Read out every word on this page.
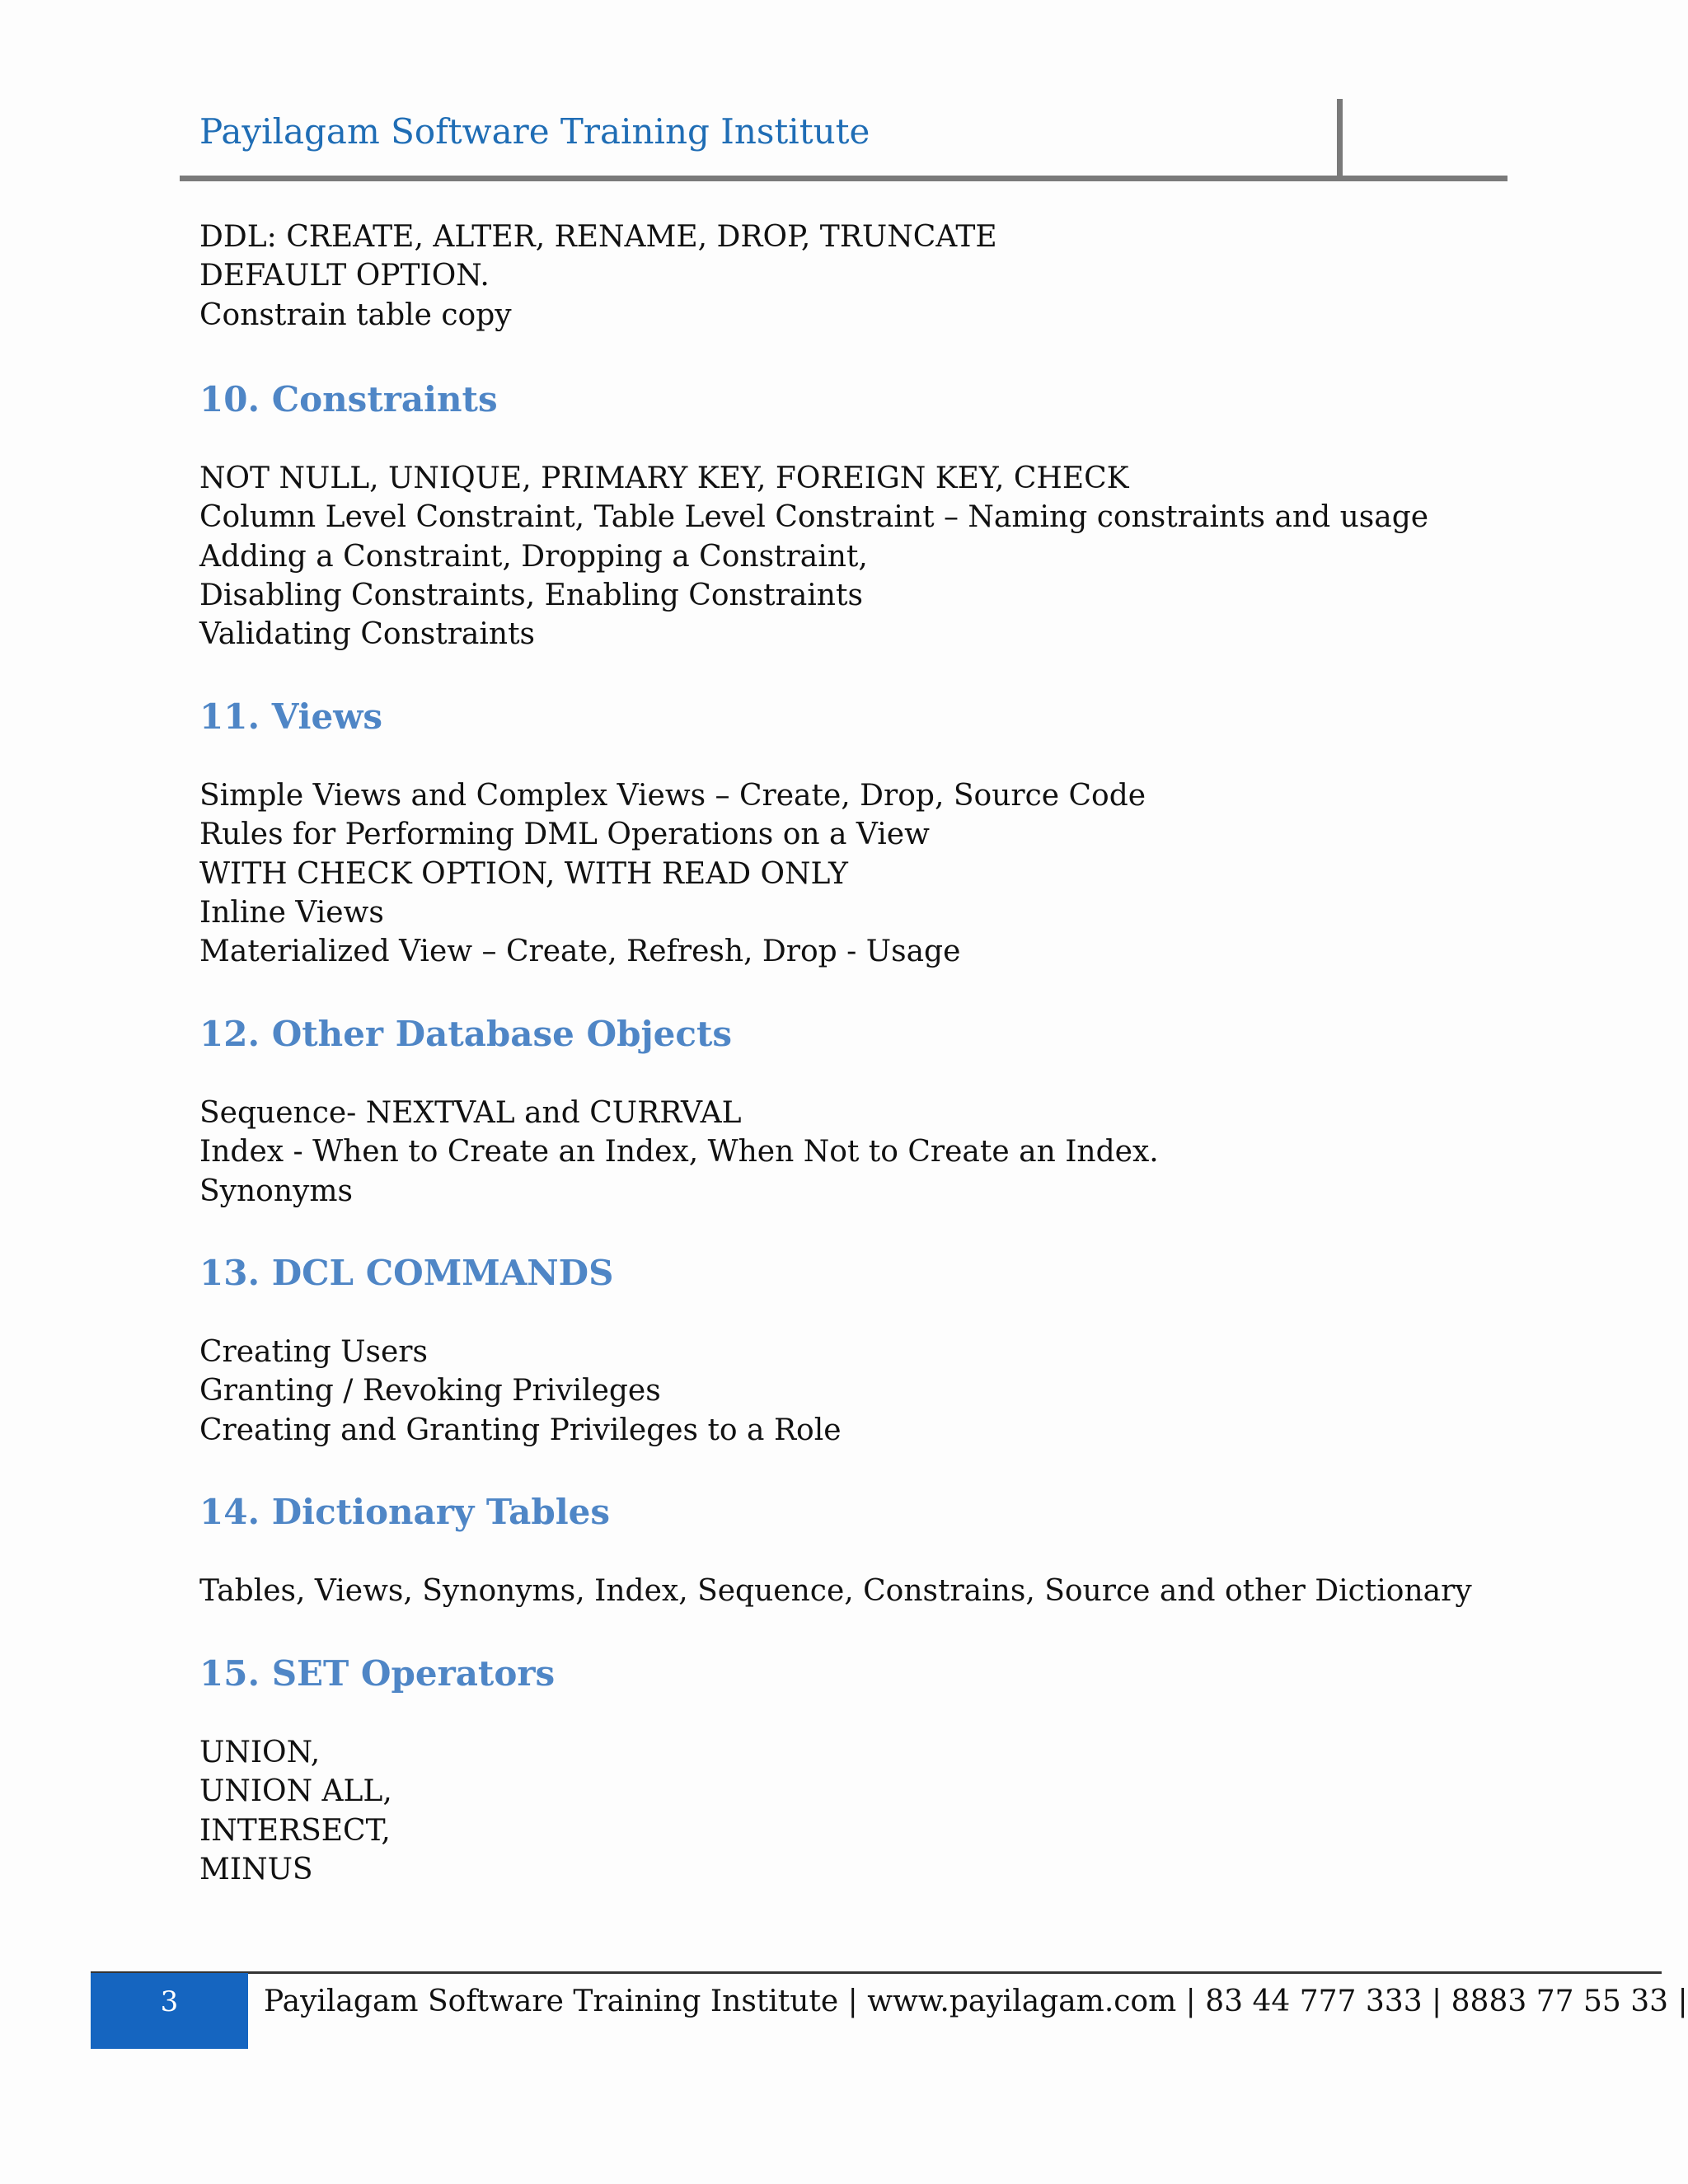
Payilagam Software Training Institute
DDL: CREATE, ALTER, RENAME, DROP, TRUNCATE
DEFAULT OPTION.
Constrain table copy
10. Constraints
NOT NULL, UNIQUE, PRIMARY KEY, FOREIGN KEY, CHECK
Column Level Constraint, Table Level Constraint – Naming constraints and usage
Adding a Constraint, Dropping a Constraint,
Disabling Constraints, Enabling Constraints
Validating Constraints
11. Views
Simple Views and Complex Views – Create, Drop, Source Code
Rules for Performing DML Operations on a View
WITH CHECK OPTION, WITH READ ONLY
Inline Views
Materialized View – Create, Refresh, Drop - Usage
12. Other Database Objects
Sequence- NEXTVAL and CURRVAL
Index - When to Create an Index, When Not to Create an Index.
Synonyms
13. DCL COMMANDS
Creating Users
Granting / Revoking Privileges
Creating and Granting Privileges to a Role
14. Dictionary Tables
Tables, Views, Synonyms, Index, Sequence, Constrains, Source and other Dictionary
15. SET Operators
UNION,
UNION ALL,
INTERSECT,
MINUS
3	Payilagam Software Training Institute | www.payilagam.com | 83 44 777 333 | 8883 77 55 33 |
